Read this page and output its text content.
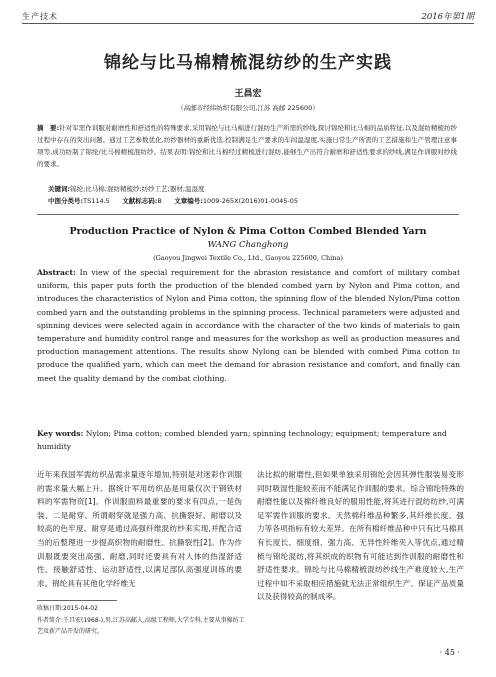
生产技术	2016年第1期
锦纶与比马棉精梳混纺纱的生产实践
王昌宏
（高邮市经纬纺织有限公司,江苏 高邮 225600）
摘　要:针对军需作训服对耐磨性和舒适性的特殊要求,采用锦纶与比马棉进行混纺生产所需的纱线,探讨锦纶和比马棉的品质特征,以及混纺精梳纺纱过程中存在的突出问题。通过工艺参数优化,纺纱器材的重新优选,控制满足生产要求的车间温湿度,实施日常生产所需的工艺措施和生产管理注意事项等,成功纺制了锦纶/比马棉精梳混纺纱。结果表明:锦纶和比马棉经过精梳进行混纺,能够生产出符合耐磨和舒适性要求的纱线,满足作训服对纱线的要求。
关键词:锦纶;比马棉;混纺精梳纱;纺纱工艺;器材;温湿度
中图分类号:TS114.5 文献标志码:B 文章编号:1009-265X(2016)01-0045-05
Production Practice of Nylon & Pima Cotton Combed Blended Yarn
WANG Changhong
(Gaoyou Jingwei Textile Co., Ltd., Gaoyou 225600, China)
Abstract: In view of the special requirement for the abrasion resistance and comfort of military combat uniform, this paper puts forth the production of the blended combed yarn by Nylon and Pima cotton, and introduces the characteristics of Nylon and Pima cotton, the spinning flow of the blended Nylon/Pima cotton combed yarn and the outstanding problems in the spinning process. Technical parameters were adjusted and spinning devices were selected again in accordance with the character of the two kinds of materials to gain temperature and humidity control range and measures for the workshop as well as production measures and production management attentions. The results show Nylong can be blended with combed Pima cotton to produce the qualified yarn, which can meet the demand for abrasion resistance and comfort, and finally can meet the quality demand by the combat clothing.
Key words: Nylon; Pima cotton; combed blended yarn; spinning technology; equipment; temperature and humidity
近年来我国军需纺织品需求量逐年增加,特别是对迷彩作训服的需求量大幅上升。据统计军用纺织品是用量仅次于钢铁材料的军需物资[1]。作训服面料最重要的要求有四点,一是伪装、二是耐穿、所谓耐穿就是强力高、抗撕裂好、耐磨以及较高的色牢度。耐穿是通过高强纤维混纺纱来实现,并配合适当的后整理进一步提高织物的耐磨性、抗撕裂性[2]。作为作训服既要突出高强、耐磨,同时还要具有对人体的热湿舒适性、接触舒适性、运动舒适性,以满足部队高强度训练的要求。锦纶具有其他化学纤维无
法比拟的耐磨性,但如果单独采用锦纶会因其弹性服装易变形同时吸湿性能较差而不能满足作训服的要求。综合锦纶特殊的耐磨性能以及棉纤维良好的服用性能,将其进行混纺纺纱,可满足军需作训服的要求。天然棉纤维品种繁多,其纤维长度、强力等各项指标有较大差异。在所有棉纤维品种中只有比马棉具有长度长、细度细、强力高、无异性纤维夹入等优点,通过精梳与锦纶混纺,将其织成的织物有可能达到作训服的耐磨性和舒适性要求。锦纶与比马棉精梳混纺纱线生产难度较大,生产过程中如不采取相应措施就无法正常组织生产、保证产品质量以及获得较高的制成率。
收稿日期:2015-04-02
作者简介:王昌宏(1968-),男,江苏高邮人,高级工程师,大学专科,主要从事棉纺工艺及新产品开发的研究。
· 45 ·
